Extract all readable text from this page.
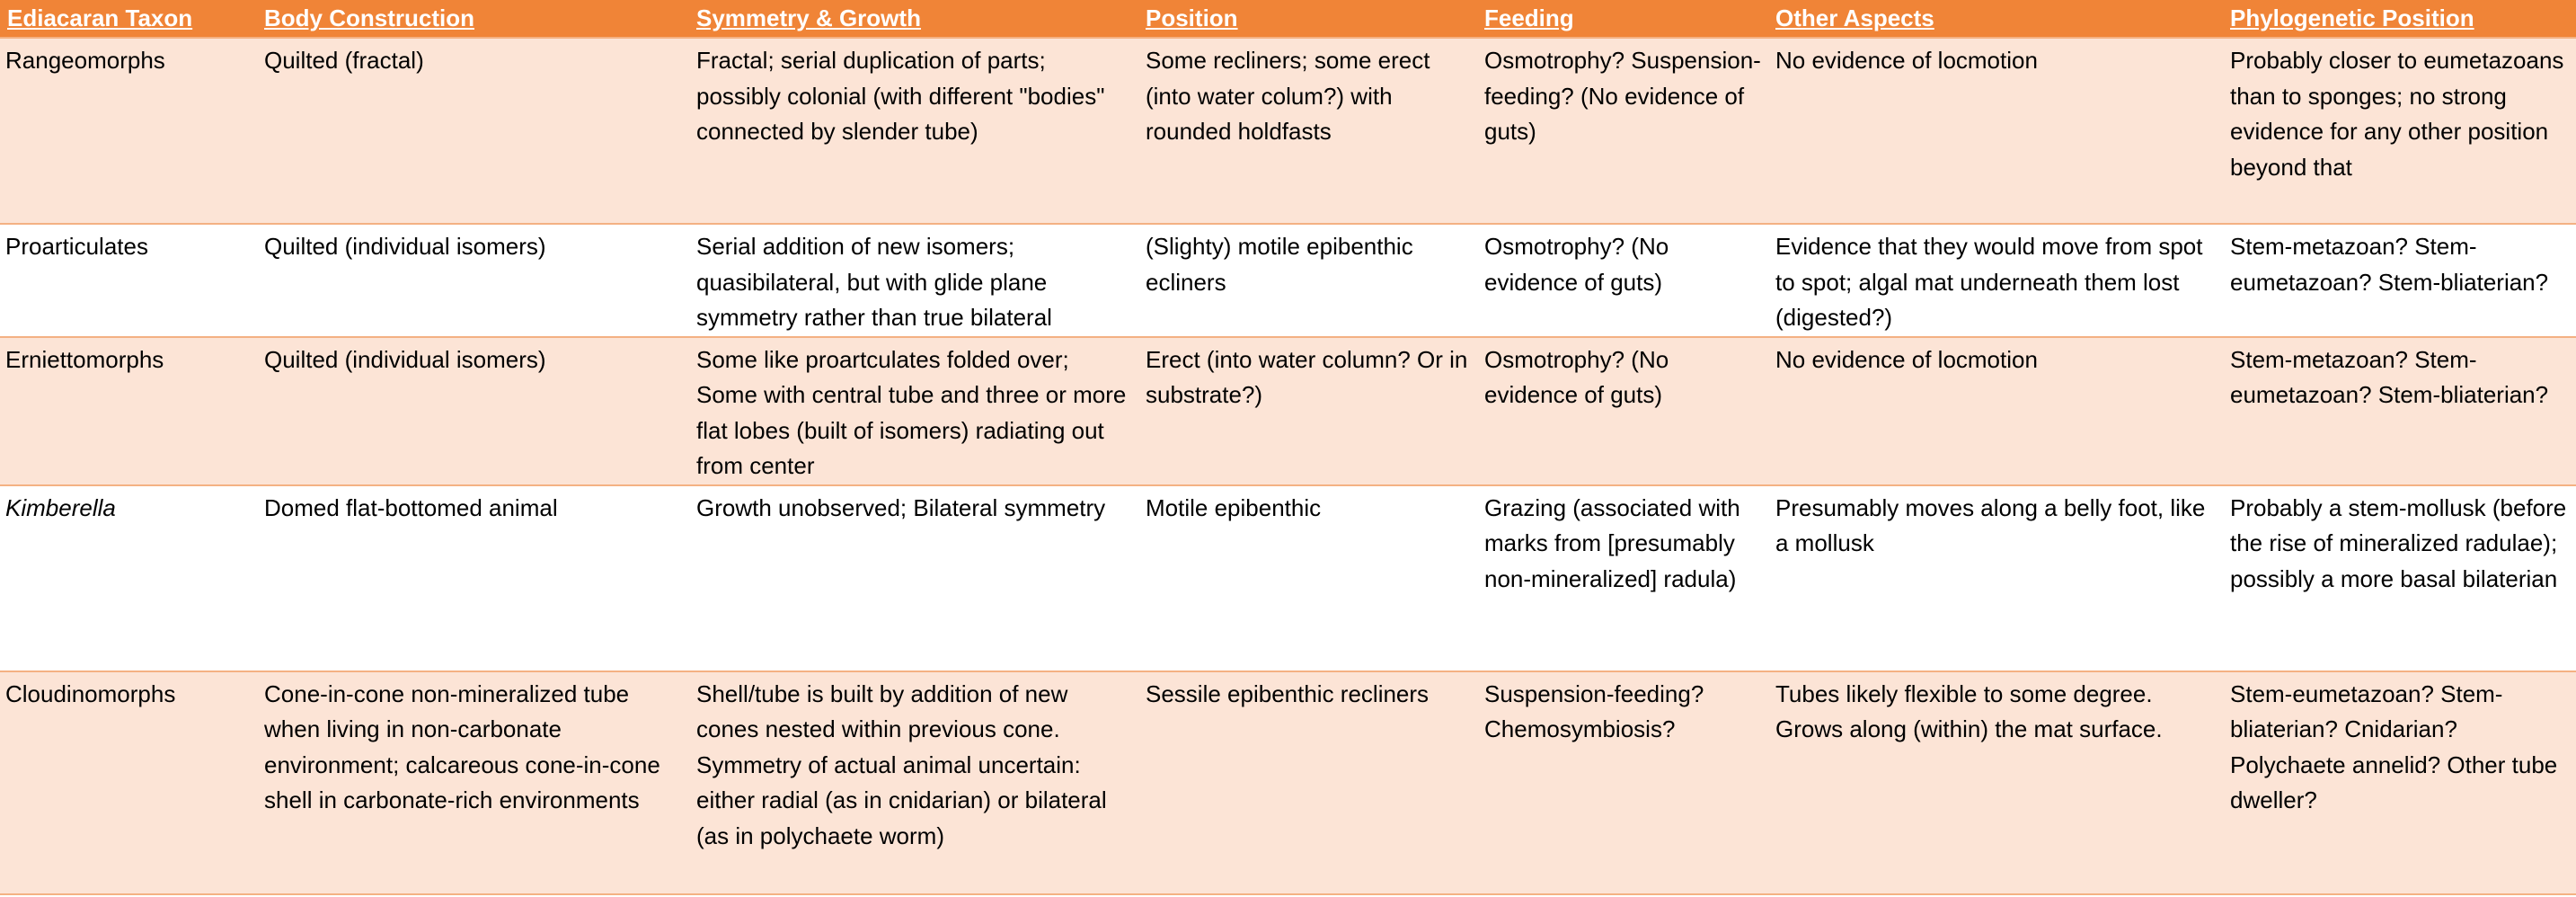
Ediacaran Taxon	Body Construction	Symmetry & Growth	Position	Feeding	Other Aspects	Phylogenetic Position
Rangeomorphs	Quilted (fractal)	Fractal; serial duplication of parts; possibly colonial (with different "bodies" connected by slender tube)	Some recliners; some erect (into water colum?) with rounded holdfasts	Osmotrophy? Suspension-feeding? (No evidence of guts)	No evidence of locmotion	Probably closer to eumetazoans than to sponges; no strong evidence for any other position beyond that
Proarticulates	Quilted (individual isomers)	Serial addition of new isomers; quasibilateral, but with glide plane symmetry rather than true bilateral	(Slighty) motile epibenthic ecliners	Osmotrophy? (No evidence of guts)	Evidence that they would move from spot to spot; algal mat underneath them lost (digested?)	Stem-metazoan? Stem-eumetazoan? Stem-bliaterian?
Erniettomorphs	Quilted (individual isomers)	Some like proartculates folded over; Some with central tube and three or more flat lobes (built of isomers) radiating out from center	Erect (into water column? Or in substrate?)	Osmotrophy? (No evidence of guts)	No evidence of locmotion	Stem-metazoan? Stem-eumetazoan? Stem-bliaterian?
Kimberella	Domed flat-bottomed animal	Growth unobserved; Bilateral symmetry	Motile epibenthic	Grazing (associated with marks from [presumably non-mineralized] radula)	Presumably moves along a belly foot, like a mollusk	Probably a stem-mollusk (before the rise of mineralized radulae); possibly a more basal bilaterian
Cloudinomorphs	Cone-in-cone non-mineralized tube when living in non-carbonate environment; calcareous cone-in-cone shell in carbonate-rich environments	Shell/tube is built by addition of new cones nested within previous cone. Symmetry of actual animal uncertain: either radial (as in cnidarian) or bilateral (as in polychaete worm)	Sessile epibenthic recliners	Suspension-feeding? Chemosymbiosis?	Tubes likely flexible to some degree. Grows along (within) the mat surface.	Stem-eumetazoan? Stem-bliaterian? Cnidarian? Polychaete annelid? Other tube dweller?
